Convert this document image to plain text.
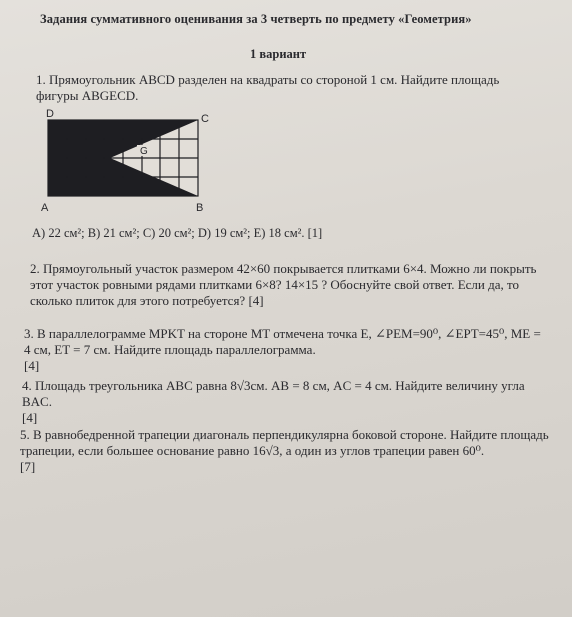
Задания суммативного оценивания за 3 четверть по предмету «Геометрия»
1 вариант
1. Прямоугольник ABCD разделен на квадраты со стороной 1 см. Найдите площадь фигуры ABGECD.
D	C
A	B
G
A) 22 см²; B) 21 см²; C) 20 см²; D) 19 см²; E) 18 см². [1]
2. Прямоугольный участок размером 42×60 покрывается плитками 6×4. Можно ли покрыть этот участок ровными рядами плитками 6×8? 14×15 ? Обоснуйте свой ответ. Если да, то сколько плиток для этого потребуется? [4]
3. В параллелограмме MPKT на стороне MT отмечена точка E, ∠PEM=90⁰, ∠EPT=45⁰, ME = 4 см, ET = 7 см. Найдите площадь параллелограмма.
[4]
4. Площадь треугольника ABC равна 8√3см. AB = 8 см, AC = 4 см. Найдите величину угла BAC.
[4]
5. В равнобедренной трапеции диагональ перпендикулярна боковой стороне. Найдите площадь трапеции, если большее основание равно 16√3, а один из углов трапеции равен 60⁰.
[7]
